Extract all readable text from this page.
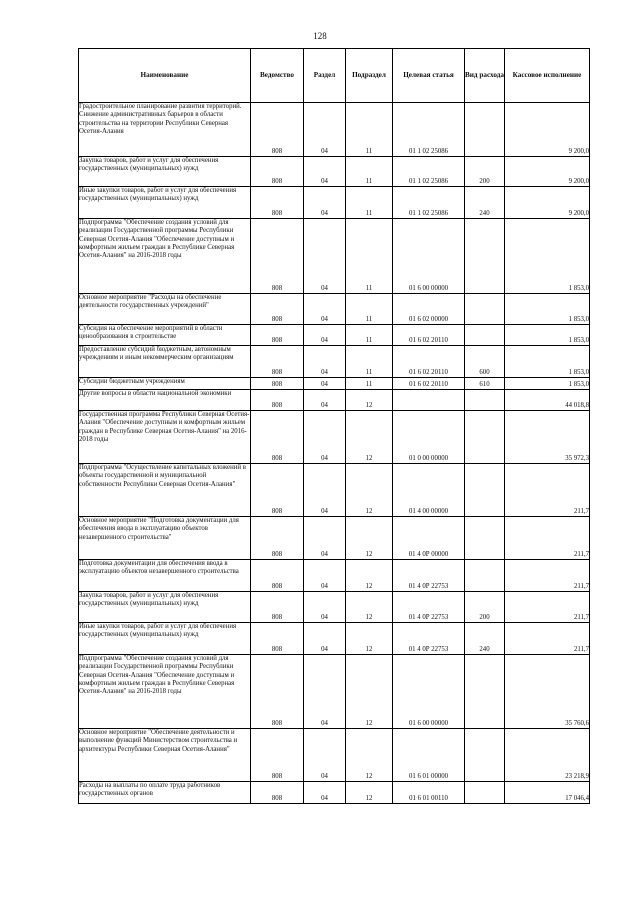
128
Наименование	Ведомство	Раздел	Подраздел	Целевая статья	Вид расхода	Кассовое исполнение
Градостроительное планирование развития территорий. Снижение административных барьеров в области строительства на территории Республики Северная Осетия-Алания	808	04	11	01 1 02 25086		9 200,0
Закупка товаров, работ и услуг для обеспечения государственных (муниципальных) нужд	808	04	11	01 1 02 25086	200	9 200,0
Иные закупки товаров, работ и услуг для обеспечения государственных (муниципальных) нужд	808	04	11	01 1 02 25086	240	9 200,0
Подпрограмма "Обеспечение создания условий для реализации Государственной программы Республики Северная Осетия-Алания "Обеспечение доступным и комфортным жильем граждан в Республике Северная Осетия-Алания" на 2016-2018 годы	808	04	11	01 6 00 00000		1 853,0
Основное мероприятие "Расходы на обеспечение деятельности государственных учреждений"	808	04	11	01 6 02 00000		1 853,0
Субсидия на обеспечение мероприятий в области ценообразования в строительстве	808	04	11	01 6 02 20110		1 853,0
Предоставление субсидий бюджетным, автономным учреждениям и иным некоммерческим организациям	808	04	11	01 6 02 20110	600	1 853,0
Субсидии бюджетным учреждениям	808	04	11	01 6 02 20110	610	1 853,0
Другие вопросы в области национальной экономики	808	04	12			44 018,8
Государственная программа Республики Северная Осетия-Алания "Обеспечение доступным и комфортным жильем граждан в Республике Северная Осетия-Алания" на 2016-2018 годы	808	04	12	01 0 00 00000		35 972,3
Подпрограмма "Осуществление капитальных вложений в объекты государственной и муниципальной собственности Республики Северная Осетия-Алания"	808	04	12	01 4 00 00000		211,7
Основное мероприятие "Подготовка документации для обеспечения ввода в эксплуатацию объектов незавершенного строительства"	808	04	12	01 4 0Р 00000		211,7
Подготовка документации для обеспечения ввода в эксплуатацию объектов незавершенного строительства	808	04	12	01 4 0Р 22753		211,7
Закупка товаров, работ и услуг для обеспечения государственных (муниципальных) нужд	808	04	12	01 4 0Р 22753	200	211,7
Иные закупки товаров, работ и услуг для обеспечения государственных (муниципальных) нужд	808	04	12	01 4 0Р 22753	240	211,7
Подпрограмма "Обеспечение создания условий для реализации Государственной программы Республики Северная Осетия-Алания "Обеспечение доступным и комфортным жильем граждан в Республике Северная Осетия-Алания" на 2016-2018 годы	808	04	12	01 6 00 00000		35 760,6
Основное мероприятие "Обеспечение деятельности и выполнение функций Министерством строительства и архитектуры Республики Северная Осетия-Алания"	808	04	12	01 6 01 00000		23 218,9
Расходы на выплаты по оплате труда работников государственных органов	808	04	12	01 6 01 00110		17 046,4
